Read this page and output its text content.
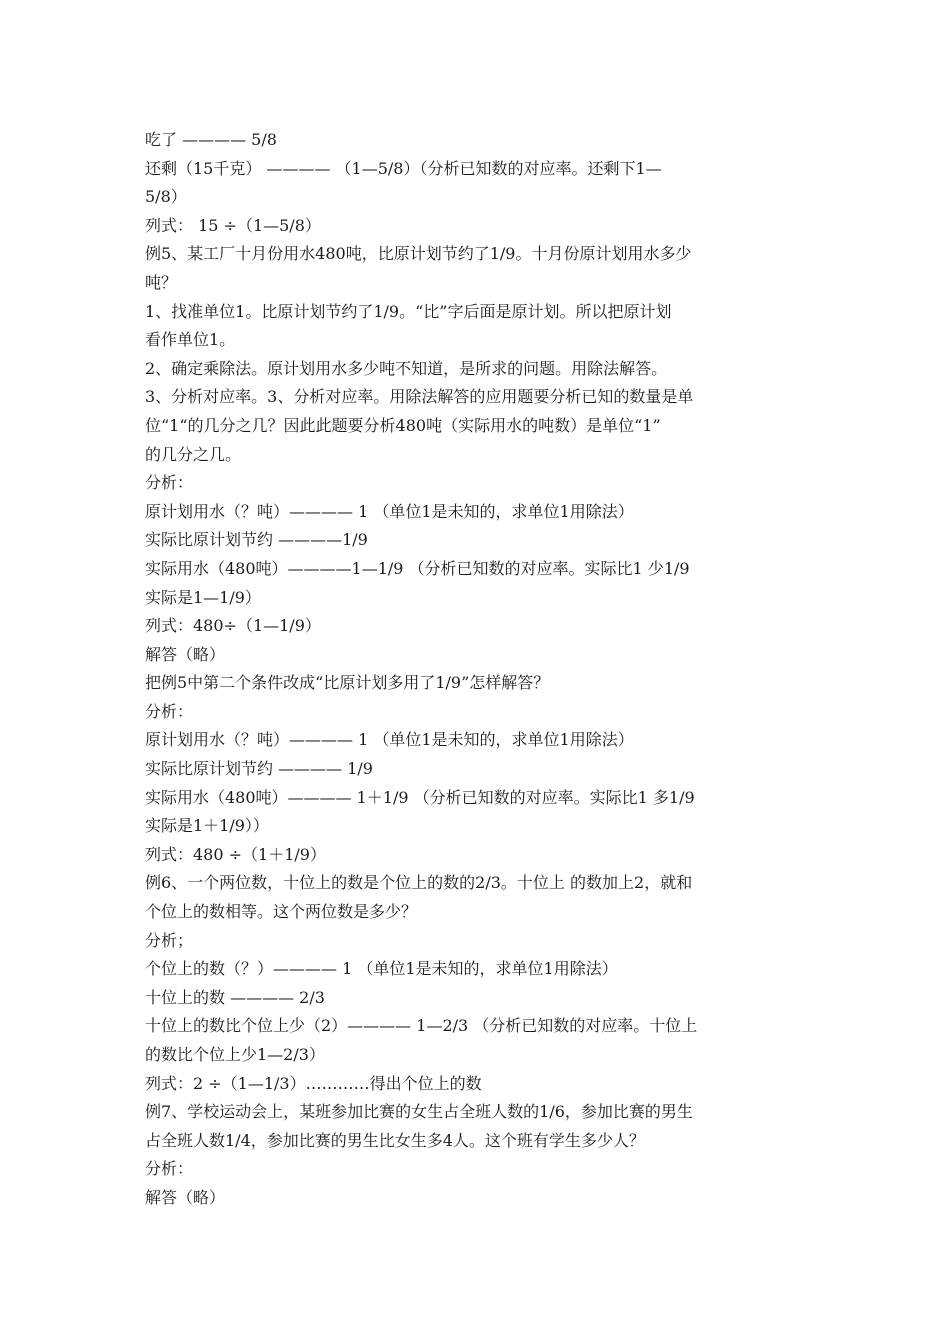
吃了 ———— 5/8
还剩（15千克） ———— （1—5/8）（分析已知数的对应率。还剩下1—
5/8）
列式： 15 ÷（1—5/8）
例5、某工厂十月份用水480吨，比原计划节约了1/9。十月份原计划用水多少
吨？
1、找准单位1。比原计划节约了1/9。“比”字后面是原计划。所以把原计划
看作单位1。
2、确定乘除法。原计划用水多少吨不知道，是所求的问题。用除法解答。
3、分析对应率。3、分析对应率。用除法解答的应用题要分析已知的数量是单
位“1“的几分之几？因此此题要分析480吨（实际用水的吨数）是单位“1”
的几分之几。
分析：
原计划用水（？吨）———— 1 （单位1是未知的，求单位1用除法）
实际比原计划节约 ————1/9
实际用水（480吨）————1—1/9 （分析已知数的对应率。实际比1 少1/9
实际是1—1/9）
列式：480÷（1—1/9）
解答（略）
把例5中第二个条件改成“比原计划多用了1/9”怎样解答？
分析：
原计划用水（？吨）———— 1 （单位1是未知的，求单位1用除法）
实际比原计划节约 ———— 1/9
实际用水（480吨）———— 1＋1/9 （分析已知数的对应率。实际比1 多1/9
实际是1＋1/9））
列式：480 ÷（1＋1/9）
例6、一个两位数，十位上的数是个位上的数的2/3。十位上 的数加上2，就和
个位上的数相等。这个两位数是多少？
分析；
个位上的数（？）———— 1 （单位1是未知的，求单位1用除法）
十位上的数 ———— 2/3
十位上的数比个位上少（2）———— 1—2/3 （分析已知数的对应率。十位上
的数比个位上少1—2/3）
列式：2 ÷（1—1/3）…………得出个位上的数
例7、学校运动会上，某班参加比赛的女生占全班人数的1/6，参加比赛的男生
占全班人数1/4，参加比赛的男生比女生多4人。这个班有学生多少人？
分析：
解答（略）
